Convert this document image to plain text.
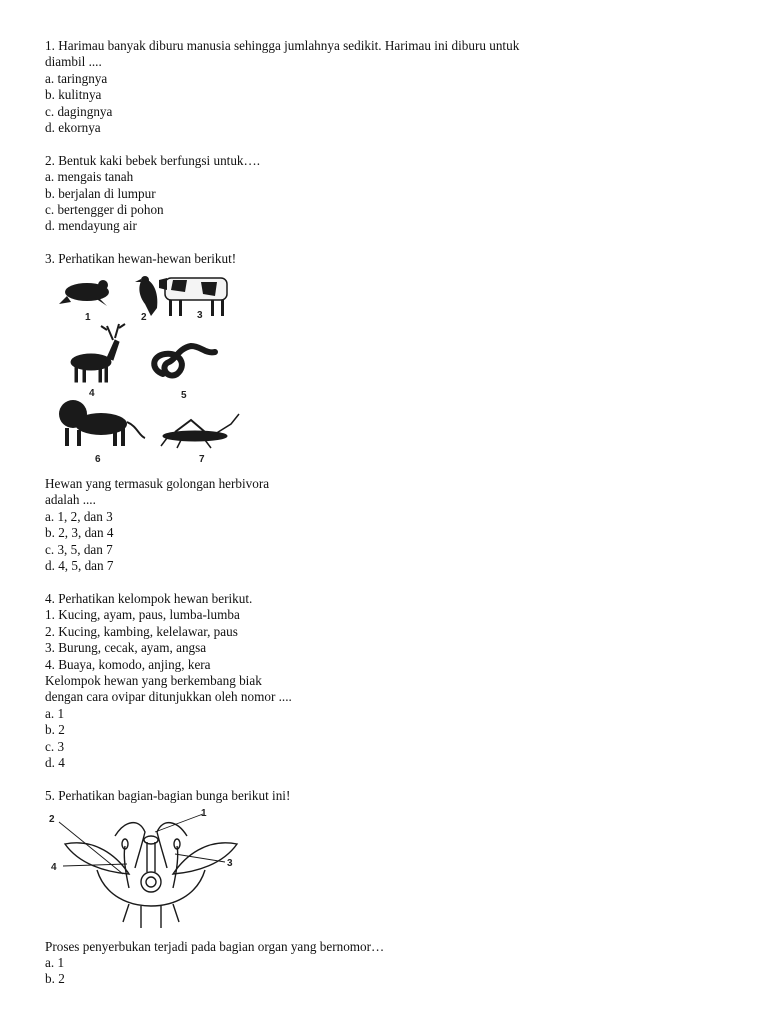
1. Harimau banyak diburu manusia sehingga jumlahnya sedikit. Harimau ini diburu untuk
diambil ....
a. taringnya
b. kulitnya
c. dagingnya
d. ekornya
2. Bentuk kaki bebek berfungsi untuk….
a. mengais tanah
b. berjalan di lumpur
c. bertengger di pohon
d. mendayung air
3. Perhatikan hewan-hewan berikut!
1	2	3
4	5
6	7
Hewan yang termasuk golongan herbivora
adalah ....
a. 1, 2, dan 3
b. 2, 3, dan 4
c. 3, 5, dan 7
d. 4, 5, dan 7
4. Perhatikan kelompok hewan berikut.
1. Kucing, ayam, paus, lumba-lumba
2. Kucing, kambing, kelelawar, paus
3. Burung, cecak, ayam, angsa
4. Buaya, komodo, anjing, kera
Kelompok hewan yang berkembang biak
dengan cara ovipar ditunjukkan oleh nomor ....
a. 1
b. 2
c. 3
d. 4
5. Perhatikan bagian-bagian bunga berikut ini!
2
1
3
4
Proses penyerbukan terjadi pada bagian organ yang bernomor…
a. 1
b. 2
